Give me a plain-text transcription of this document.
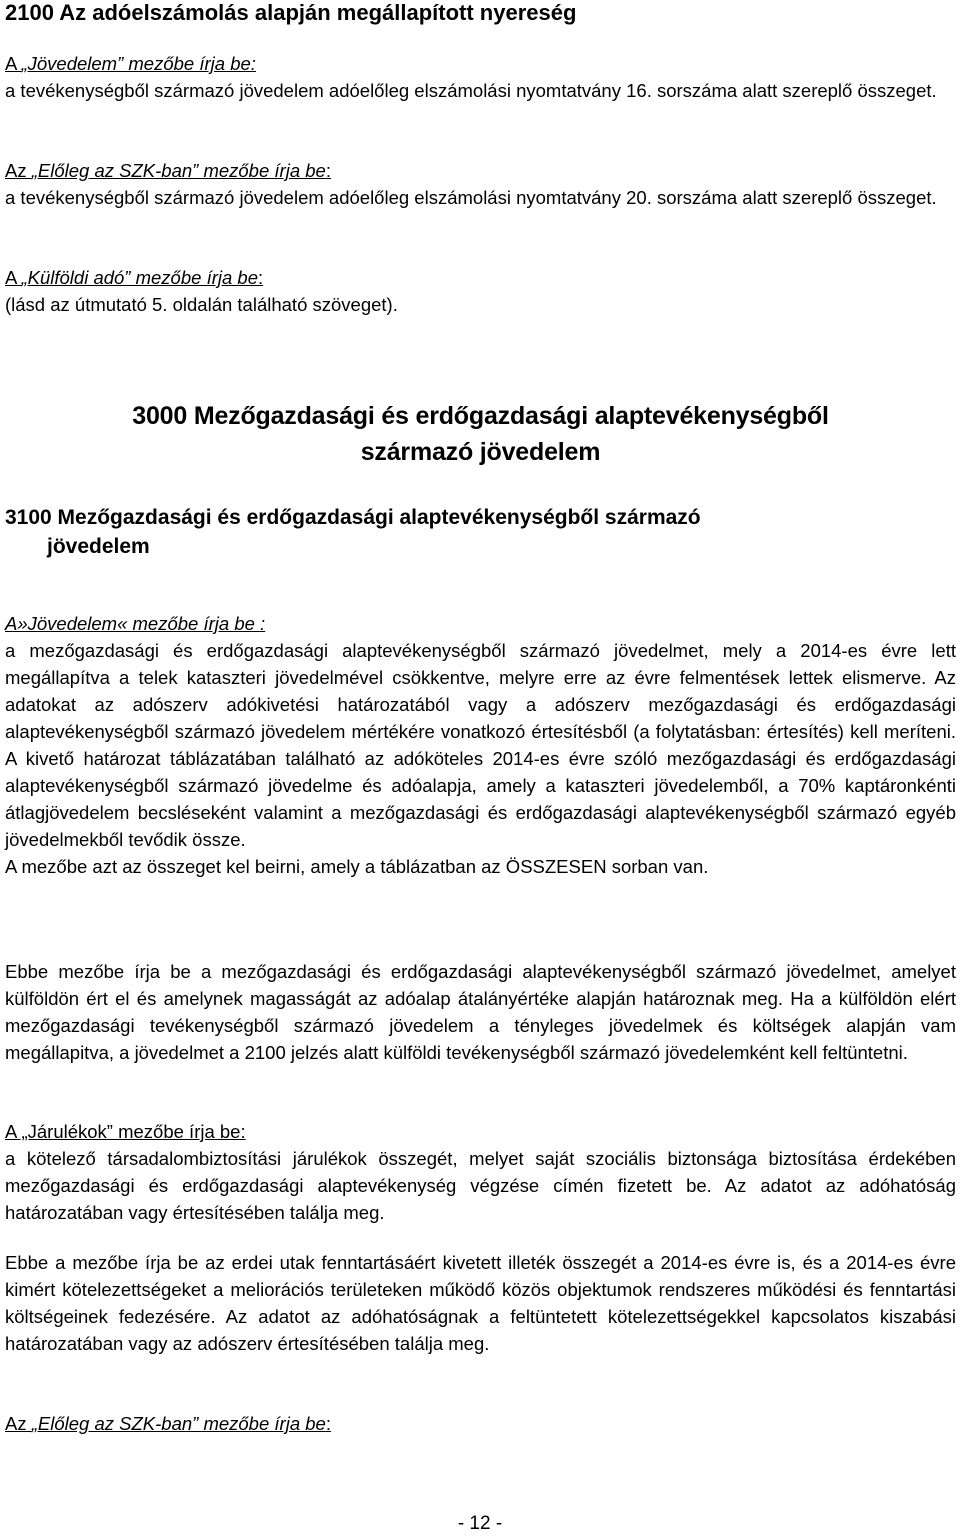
2100 Az adóelszámolás alapján megállapított nyereség
A „Jövedelem” mezőbe írja be:
a tevékenységből származó jövedelem adóelőleg elszámolási nyomtatvány 16. sorszáma alatt szereplő összeget.
Az „Előleg az SZK-ban” mezőbe írja be:
a tevékenységből származó jövedelem adóelőleg elszámolási nyomtatvány 20. sorszáma alatt szereplő összeget.
A „Külföldi adó” mezőbe írja be:
(lásd az útmutató 5. oldalán található szöveget).
3000 Mezőgazdasági és erdőgazdasági alaptevékenységből
származó jövedelem
3100 Mezőgazdasági és erdőgazdasági alaptevékenységből származó
jövedelem
A»Jövedelem« mezőbe írja be :
a mezőgazdasági és erdőgazdasági alaptevékenységből származó jövedelmet, mely a 2014-es évre lett megállapítva a telek kataszteri jövedelmével csökkentve, melyre erre az évre felmentések lettek elismerve. Az adatokat az adószerv adókivetési határozatából vagy a adószerv mezőgazdasági és erdőgazdasági alaptevékenységből származó jövedelem mértékére vonatkozó értesítésből (a folytatásban: értesítés) kell meríteni. A kivető határozat táblázatában található az adóköteles 2014-es évre szóló mezőgazdasági és erdőgazdasági alaptevékenységből származó jövedelme és adóalapja, amely a kataszteri jövedelemből, a 70% kaptáronkénti átlagjövedelem becsléseként valamint a mezőgazdasági és erdőgazdasági alaptevékenységből származó egyéb jövedelmekből tevődik össze.
A mezőbe azt az összeget kel beirni, amely a táblázatban az ÖSSZESEN sorban van.
Ebbe mezőbe írja be a mezőgazdasági és erdőgazdasági alaptevékenységből származó jövedelmet, amelyet külföldön ért el és amelynek magasságát az adóalap átalányértéke alapján határoznak meg. Ha a külföldön elért mezőgazdasági tevékenységből származó jövedelem a tényleges jövedelmek és költségek alapján vam megállapitva, a jövedelmet a 2100 jelzés alatt külföldi tevékenységből származó jövedelemként kell feltüntetni.
A „Járulékok” mezőbe írja be:
a kötelező társadalombiztosítási járulékok összegét, melyet saját szociális biztonsága biztosítása érdekében mezőgazdasági és erdőgazdasági alaptevékenység végzése címén fizetett be. Az adatot az adóhatóság határozatában vagy értesítésében találja meg.
Ebbe a mezőbe írja be az erdei utak fenntartásáért kivetett illeték összegét a 2014-es évre is, és a 2014-es évre kimért kötelezettségeket a meliorációs területeken működő közös objektumok rendszeres működési és fenntartási költségeinek fedezésére. Az adatot az adóhatóságnak a feltüntetett kötelezettségekkel kapcsolatos kiszabási határozatában vagy az adószerv értesítésében találja meg.
Az „Előleg az SZK-ban” mezőbe írja be:
- 12 -
